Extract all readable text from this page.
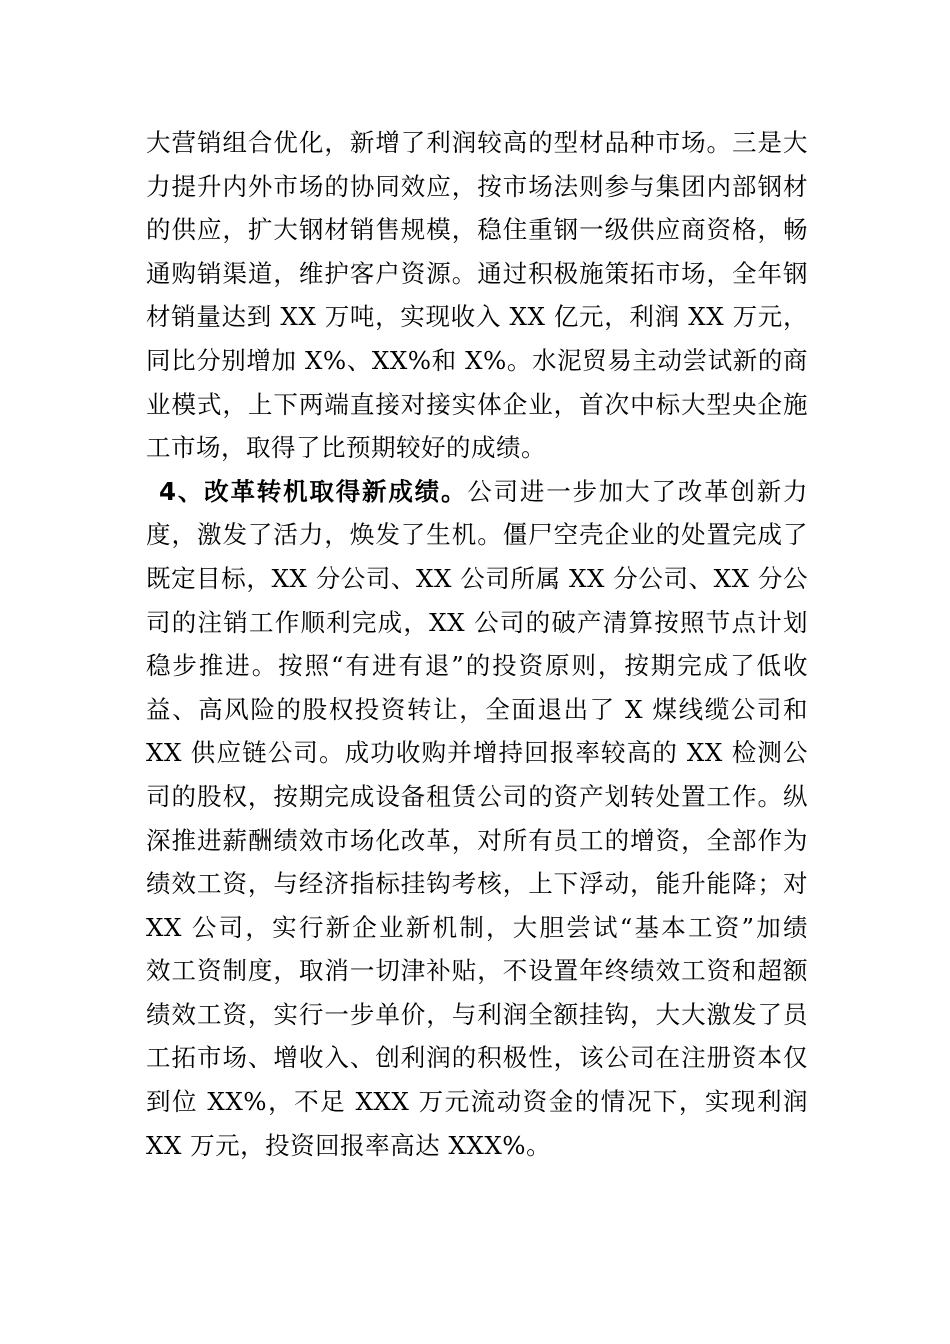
大营销组合优化，新增了利润较高的型材品种市场。三是大
力提升内外市场的协同效应，按市场法则参与集团内部钢材
的供应，扩大钢材销售规模，稳住重钢一级供应商资格，畅
通购销渠道，维护客户资源。通过积极施策拓市场，全年钢
材销量达到 XX 万吨，实现收入 XX 亿元，利润 XX 万元，
同比分别增加 X%、XX%和 X%。水泥贸易主动尝试新的商
业模式，上下两端直接对接实体企业，首次中标大型央企施
工市场，取得了比预期较好的成绩。
4、改革转机取得新成绩。公司进一步加大了改革创新力
度，激发了活力，焕发了生机。僵尸空壳企业的处置完成了
既定目标，XX 分公司、XX 公司所属 XX 分公司、XX 分公
司的注销工作顺利完成，XX 公司的破产清算按照节点计划
稳步推进。按照“有进有退”的投资原则，按期完成了低收
益、高风险的股权投资转让，全面退出了 X 煤线缆公司和
XX 供应链公司。成功收购并增持回报率较高的 XX 检测公
司的股权，按期完成设备租赁公司的资产划转处置工作。纵
深推进薪酬绩效市场化改革，对所有员工的增资，全部作为
绩效工资，与经济指标挂钩考核，上下浮动，能升能降；对
XX 公司，实行新企业新机制，大胆尝试“基本工资”加绩
效工资制度，取消一切津补贴，不设置年终绩效工资和超额
绩效工资，实行一步单价，与利润全额挂钩，大大激发了员
工拓市场、增收入、创利润的积极性，该公司在注册资本仅
到位 XX%，不足 XXX 万元流动资金的情况下，实现利润
XX 万元，投资回报率高达 XXX%。
